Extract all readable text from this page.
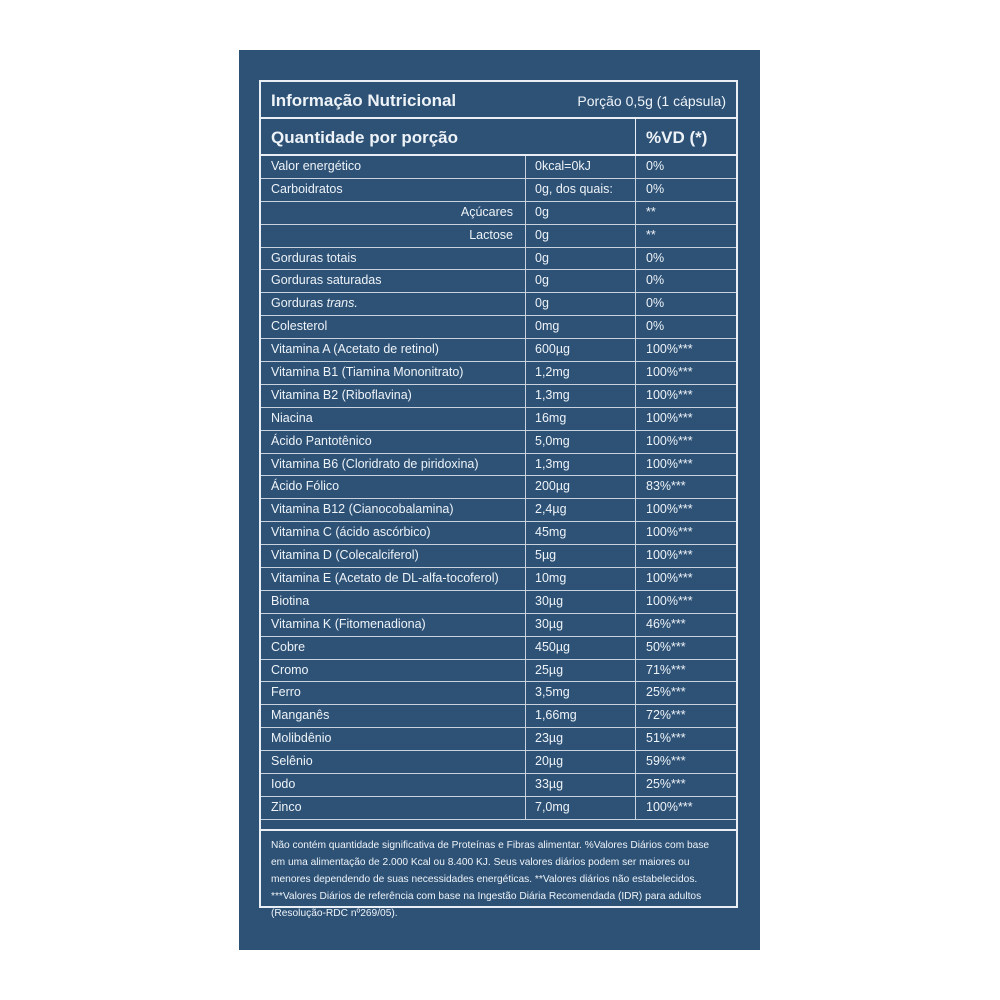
Informação Nutricional	Porção 0,5g (1 cápsula)
Quantidade por porção	%VD (*)
Valor energético	0kcal=0kJ	0%
Carboidratos	0g, dos quais:	0%
Açúcares 0g	**
Lactose 0g	**
Gorduras totais	0g	0%
Gorduras saturadas	0g	0%
Gorduras trans.	0g	0%
Colesterol	0mg	0%
Vitamina A (Acetato de retinol)	600µg	100%***
Vitamina B1 (Tiamina Mononitrato)	1,2mg	100%***
Vitamina B2 (Riboflavina)	1,3mg	100%***
Niacina	16mg	100%***
Ácido Pantotênico	5,0mg	100%***
Vitamina B6 (Cloridrato de piridoxina)	1,3mg	100%***
Ácido Fólico	200µg	83%***
Vitamina B12 (Cianocobalamina)	2,4µg	100%***
Vitamina C (ácido ascórbico)	45mg	100%***
Vitamina D (Colecalciferol)	5µg	100%***
Vitamina E (Acetato de DL-alfa-tocoferol)	10mg	100%***
Biotina	30µg	100%***
Vitamina K (Fitomenadiona)	30µg	46%***
Cobre	450µg	50%***
Cromo	25µg	71%***
Ferro	3,5mg	25%***
Manganês	1,66mg	72%***
Molibdênio	23µg	51%***
Selênio	20µg	59%***
Iodo	33µg	25%***
Zinco	7,0mg	100%***
Não contém quantidade significativa de Proteínas e Fibras alimentar. %Valores Diários com base em uma alimentação de 2.000 Kcal ou 8.400 KJ. Seus valores diários podem ser maiores ou menores dependendo de suas necessidades energéticas. **Valores diários não estabelecidos. ***Valores Diários de referência com base na Ingestão Diária Recomendada (IDR) para adultos (Resolução-RDC nº269/05).
